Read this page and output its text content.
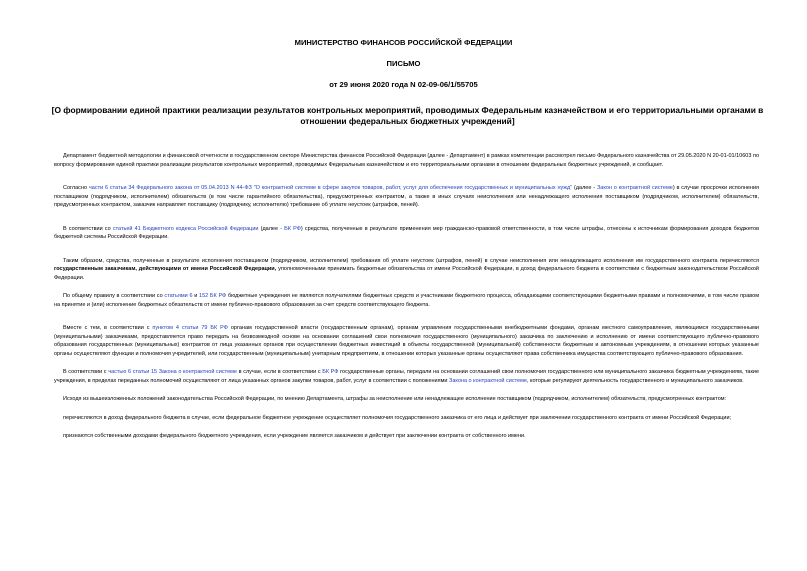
МИНИСТЕРСТВО ФИНАНСОВ РОССИЙСКОЙ ФЕДЕРАЦИИ
ПИСЬМО
от 29 июня 2020 года N 02-09-06/1/55705
[О формировании единой практики реализации результатов контрольных мероприятий, проводимых Федеральным казначейством и его территориальными органами в отношении федеральных бюджетных учреждений]

Департамент бюджетной методологии и финансовой отчетности в государственном секторе Министерства финансов Российской Федерации (далее - Департамент) в рамках компетенции рассмотрел письмо Федерального казначейства от 29.05.2020 N 20-01-01/10603 по вопросу формирования единой практики реализации результатов контрольных мероприятий, проводимых Федеральным казначейством и его территориальными органами в отношении федеральных бюджетных учреждений, и сообщает.

Согласно части 6 статьи 34 Федерального закона от 05.04.2013 N 44-ФЗ "О контрактной системе в сфере закупок товаров, работ, услуг для обеспечения государственных и муниципальных нужд" (далее - Закон о контрактной системе) в случае просрочки исполнения поставщиком (подрядчиком, исполнителем) обязательств (в том числе гарантийного обязательства), предусмотренных контрактом, а также в иных случаях неисполнения или ненадлежащего исполнения поставщиком (подрядчиком, исполнителем) обязательств, предусмотренных контрактом, заказчик направляет поставщику (подрядчику, исполнителю) требование об уплате неустоек (штрафов, пеней).

В соответствии со статьей 41 Бюджетного кодекса Российской Федерации (далее - БК РФ) средства, полученные в результате применения мер гражданско-правовой ответственности, в том числе штрафы, отнесены к источникам формирования доходов бюджетов бюджетной системы Российской Федерации.

Таким образом, средства, полученные в результате исполнения поставщиком (подрядчиком, исполнителем) требования об уплате неустоек (штрафов, пеней) в случае неисполнения или ненадлежащего исполнения им государственного контракта перечисляются государственным заказчикам, действующими от имени Российской Федерации, уполномоченными принимать бюджетные обязательства от имени Российской Федерации, в доход федерального бюджета в соответствии с бюджетным законодательством Российской Федерации.

По общему правилу в соответствии со статьями 6 и 152 БК РФ бюджетные учреждения не являются получателями бюджетных средств и участниками бюджетного процесса, обладающими соответствующими бюджетными правами и полномочиями, в том числе правом на принятие и (или) исполнение бюджетных обязательств от имени публично-правового образования за счет средств соответствующего бюджета.

Вместе с тем, в соответствии с пунктом 4 статьи 79 БК РФ органам государственной власти (государственным органам), органам управления государственными внебюджетными фондами, органам местного самоуправления, являющимся государственными (муниципальными) заказчиками, предоставляется право передать на безвозмездной основе на основании соглашений свои полномочия государственного (муниципального) заказчика по заключению и исполнению от имени соответствующего публично-правового образования государственных (муниципальных) контрактов от лица указанных органов при осуществлении бюджетных инвестиций в объекты государственной (муниципальной) собственности бюджетным и автономным учреждениям, в отношении которых указанные органы осуществляют функции и полномочия учредителей, или государственным (муниципальным) унитарным предприятиям, в отношении которых указанные органы осуществляют права собственника имущества соответствующего публично-правового образования.

В соответствии с частью 6 статьи 15 Закона о контрактной системе в случае, если в соответствии с БК РФ государственные органы, передали на основании соглашений свои полномочия государственного или муниципального заказчика бюджетным учреждениям, такие учреждения, в пределах переданных полномочий осуществляют от лица указанных органов закупки товаров, работ, услуг в соответствии с положениями Закона о контрактной системе, которые регулируют деятельность государственного и муниципального заказчиков.

Исходя из вышеизложенных положений законодательства Российской Федерации, по мнению Департамента, штрафы за неисполнение или ненадлежащее исполнение поставщиком (подрядчиком, исполнителем) обязательств, предусмотренных контрактом:

перечисляются в доход федерального бюджета в случае, если федеральное бюджетное учреждение осуществляет полномочия государственного заказчика от его лица и действует при заключении государственного контракта от имени Российской Федерации;

признаются собственными доходами федерального бюджетного учреждения, если учреждение является заказчиком и действует при заключении контракта от собственного имени.
